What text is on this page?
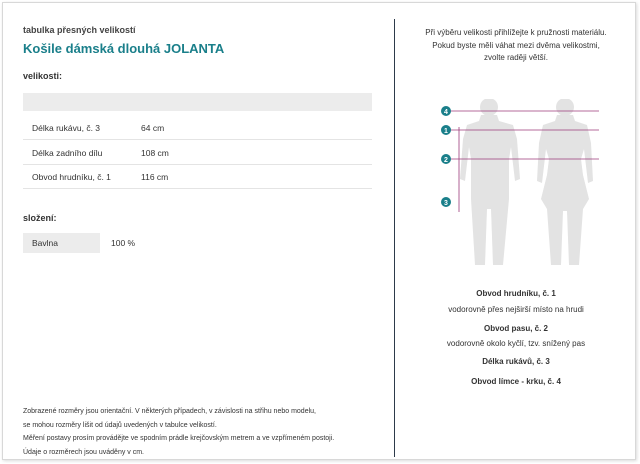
tabulka přesných velikostí
Košile dámská dlouhá JOLANTA
velikosti:
Délka rukávu, č. 3	64 cm
Délka zadního dílu	108 cm
Obvod hrudníku, č. 1	116 cm
složení:
Bavlna	100 %
Zobrazené rozměry jsou orientační. V některých případech, v závislosti na střihu nebo modelu,
se mohou rozměry lišit od údajů uvedených v tabulce velikostí.
Měření postavy prosím provádějte ve spodním prádle krejčovským metrem a ve vzpřímeném postoji.
Údaje o rozměrech jsou uváděny v cm.
Při výběru velikosti přihlížejte k pružnosti materiálu.
Pokud byste měli váhat mezi dvěma velikostmi,
zvolte raději větší.
4
1
2
3
Obvod hrudníku, č. 1
vodorovně přes nejširší místo na hrudi
Obvod pasu, č. 2
vodorovně okolo kyčlí, tzv. snížený pas
Délka rukávů, č. 3
Obvod límce - krku, č. 4
